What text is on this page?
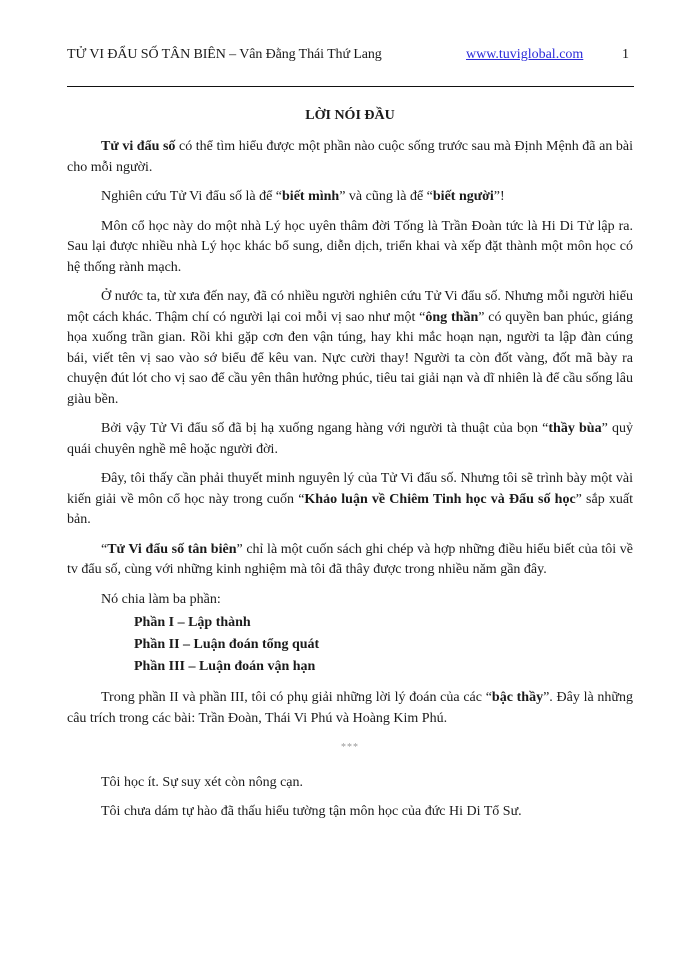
TỬ VI ĐẨU SỐ TÂN BIÊN – Vân Đằng Thái Thứ Lang	www.tuviglobal.com	1
LỜI NÓI ĐẦU

Tử vi đẩu số có thể tìm hiểu được một phần nào cuộc sống trước sau mà Định Mệnh đã an bài cho mỗi người.

Nghiên cứu Tử Vi đẩu số là để “biết mình” và cũng là để “biết người”!

Môn cổ học này do một nhà Lý học uyên thâm đời Tống là Trần Đoàn tức là Hi Di Tử lập ra. Sau lại được nhiều nhà Lý học khác bổ sung, diễn dịch, triển khai và xếp đặt thành một môn học có hệ thống rành mạch.

Ở nước ta, từ xưa đến nay, đã có nhiều người nghiên cứu Tử Vi đẩu số. Nhưng mỗi người hiểu một cách khác. Thậm chí có người lại coi mỗi vị sao như một “ông thần” có quyền ban phúc, giáng họa xuống trần gian. Rồi khi gặp cơn đen vận túng, hay khi mắc hoạn nạn, người ta lập đàn cúng bái, viết tên vị sao vào sớ biểu để kêu van. Nực cười thay! Người ta còn đốt vàng, đốt mã bày ra chuyện đút lót cho vị sao để cầu yên thân hưởng phúc, tiêu tai giải nạn và dĩ nhiên là để cầu sống lâu giàu bền.

Bởi vậy Tử Vi đẩu số đã bị hạ xuống ngang hàng với người tà thuật của bọn “thầy bùa” quỷ quái chuyên nghề mê hoặc người đời.

Đây, tôi thấy cần phải thuyết minh nguyên lý của Tử Vi đẩu số. Nhưng tôi sẽ trình bày một vài kiến giải về môn cổ học này trong cuốn “Khảo luận về Chiêm Tinh học và Đẩu số học” sắp xuất bản.

“Tử Vi đẩu số tân biên” chỉ là một cuốn sách ghi chép và hợp những điều hiểu biết của tôi về tv đẩu số, cùng với những kinh nghiệm mà tôi đã thây được trong nhiều năm gần đây.

Nó chia làm ba phần:

Phần I – Lập thành
Phần II – Luận đoán tổng quát
Phần III – Luận đoán vận hạn

Trong phần II và phần III, tôi có phụ giải những lời lý đoán của các “bậc thầy”. Đây là những câu trích trong các bài: Trần Đoàn, Thái Vi Phú và Hoàng Kim Phú.

***

Tôi học ít. Sự suy xét còn nông cạn.

Tôi chưa dám tự hào đã thấu hiểu tường tận môn học của đức Hi Di Tổ Sư.
